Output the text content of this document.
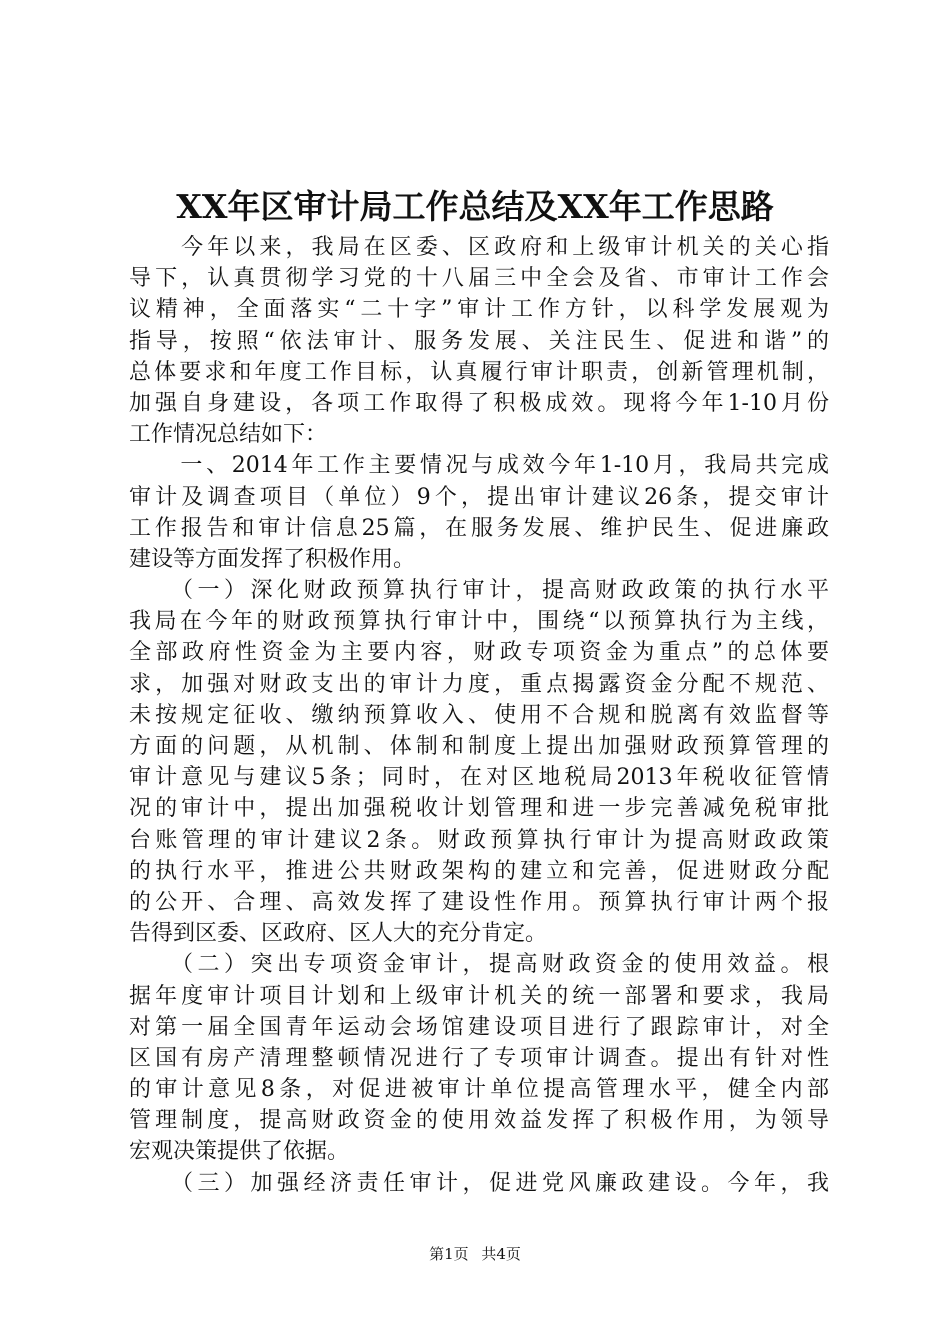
XX年区审计局工作总结及XX年工作思路
　　今年以来，我局在区委、区政府和上级审计机关的关心指
导下，认真贯彻学习党的十八届三中全会及省、市审计工作会
议精神，全面落实“二十字”审计工作方针，以科学发展观为
指导，按照“依法审计、服务发展、关注民生、促进和谐”的
总体要求和年度工作目标，认真履行审计职责，创新管理机制，
加强自身建设，各项工作取得了积极成效。现将今年1-10月份
工作情况总结如下：
　　一、2014年工作主要情况与成效今年1-10月，我局共完成
审计及调查项目（单位）9个，提出审计建议26条，提交审计
工作报告和审计信息25篇，在服务发展、维护民生、促进廉政
建设等方面发挥了积极作用。
　　（一）深化财政预算执行审计，提高财政政策的执行水平
我局在今年的财政预算执行审计中，围绕“以预算执行为主线，
全部政府性资金为主要内容，财政专项资金为重点”的总体要
求，加强对财政支出的审计力度，重点揭露资金分配不规范、
未按规定征收、缴纳预算收入、使用不合规和脱离有效监督等
方面的问题，从机制、体制和制度上提出加强财政预算管理的
审计意见与建议5条；同时，在对区地税局2013年税收征管情
况的审计中，提出加强税收计划管理和进一步完善减免税审批
台账管理的审计建议2条。财政预算执行审计为提高财政政策
的执行水平，推进公共财政架构的建立和完善，促进财政分配
的公开、合理、高效发挥了建设性作用。预算执行审计两个报
告得到区委、区政府、区人大的充分肯定。
　　（二）突出专项资金审计，提高财政资金的使用效益。根
据年度审计项目计划和上级审计机关的统一部署和要求，我局
对第一届全国青年运动会场馆建设项目进行了跟踪审计，对全
区国有房产清理整顿情况进行了专项审计调查。提出有针对性
的审计意见8条，对促进被审计单位提高管理水平，健全内部
管理制度，提高财政资金的使用效益发挥了积极作用，为领导
宏观决策提供了依据。
　　（三）加强经济责任审计，促进党风廉政建设。今年，我
第1页 共4页
